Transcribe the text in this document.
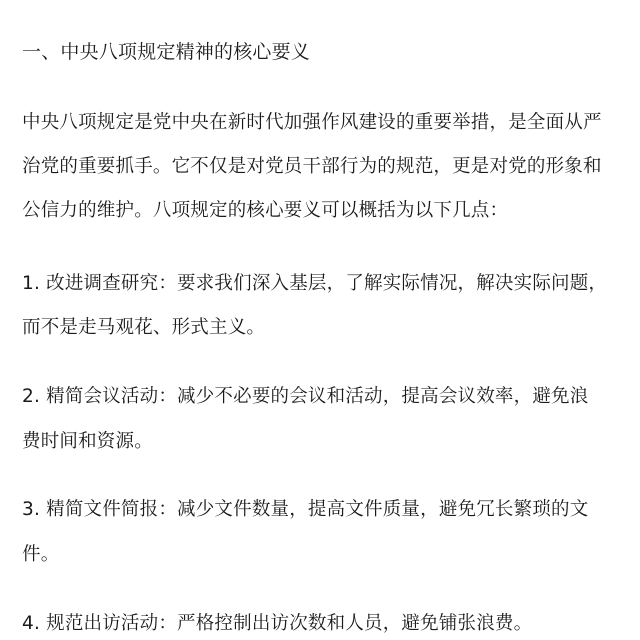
一、中央八项规定精神的核心要义
中央八项规定是党中央在新时代加强作风建设的重要举措，是全面从严
治党的重要抓手。它不仅是对党员干部行为的规范，更是对党的形象和
公信力的维护。八项规定的核心要义可以概括为以下几点：
1. 改进调查研究：要求我们深入基层，了解实际情况，解决实际问题，
而不是走马观花、形式主义。
2. 精简会议活动：减少不必要的会议和活动，提高会议效率，避免浪
费时间和资源。
3. 精简文件简报：减少文件数量，提高文件质量，避免冗长繁琐的文
件。
4. 规范出访活动：严格控制出访次数和人员，避免铺张浪费。
